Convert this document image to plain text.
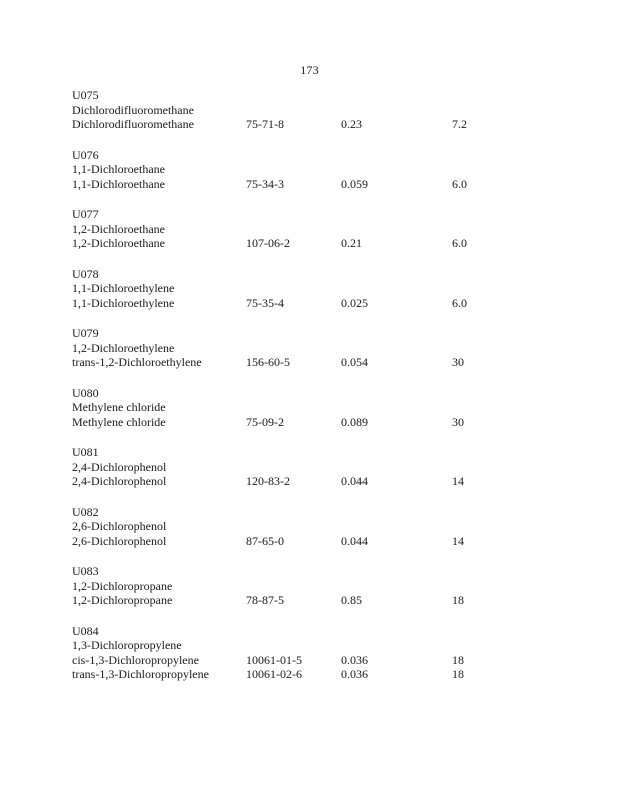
173
U075
Dichlorodifluoromethane
Dichlorodifluoromethane	75-71-8	0.23	7.2
U076
1,1-Dichloroethane
1,1-Dichloroethane	75-34-3	0.059	6.0
U077
1,2-Dichloroethane
1,2-Dichloroethane	107-06-2	0.21	6.0
U078
1,1-Dichloroethylene
1,1-Dichloroethylene	75-35-4	0.025	6.0
U079
1,2-Dichloroethylene
trans-1,2-Dichloroethylene	156-60-5	0.054	30
U080
Methylene chloride
Methylene chloride	75-09-2	0.089	30
U081
2,4-Dichlorophenol
2,4-Dichlorophenol	120-83-2	0.044	14
U082
2,6-Dichlorophenol
2,6-Dichlorophenol	87-65-0	0.044	14
U083
1,2-Dichloropropane
1,2-Dichloropropane	78-87-5	0.85	18
U084
1,3-Dichloropropylene
cis-1,3-Dichloropropylene	10061-01-5	0.036	18
trans-1,3-Dichloropropylene	10061-02-6	0.036	18
